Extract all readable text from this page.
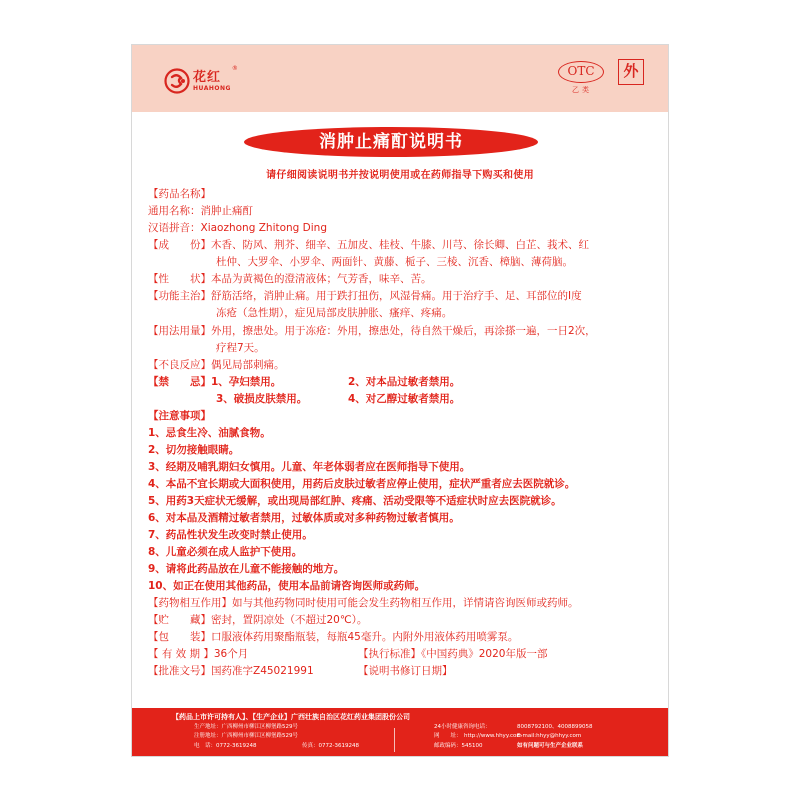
花红
HUAHONG
®	OTC
乙类
外
消肿止痛酊说明书
请仔细阅读说明书并按说明使用或在药师指导下购买和使用
【药品名称】
通用名称：消肿止痛酊
汉语拼音：Xiaozhong Zhitong Ding
【成　　份】木香、防风、荆芥、细辛、五加皮、桂枝、牛膝、川芎、徐长卿、白芷、莪术、红
杜仲、大罗伞、小罗伞、两面针、黄藤、栀子、三棱、沉香、樟脑、薄荷脑。
【性　　状】本品为黄褐色的澄清液体；气芳香，味辛、苦。
【功能主治】舒筋活络，消肿止痛。用于跌打扭伤，风湿骨痛。用于治疗手、足、耳部位的Ⅰ度
冻疮（急性期），症见局部皮肤肿胀、瘙痒、疼痛。
【用法用量】外用，擦患处。用于冻疮：外用，擦患处，待自然干燥后，再涂搽一遍，一日2次，
疗程7天。
【不良反应】偶见局部刺痛。
【禁　　忌】1、孕妇禁用。	2、对本品过敏者禁用。
3、破损皮肤禁用。	4、对乙醇过敏者禁用。
【注意事项】
1、忌食生冷、油腻食物。
2、切勿接触眼睛。
3、经期及哺乳期妇女慎用。儿童、年老体弱者应在医师指导下使用。
4、本品不宜长期或大面积使用，用药后皮肤过敏者应停止使用，症状严重者应去医院就诊。
5、用药3天症状无缓解，或出现局部红肿、疼痛、活动受限等不适症状时应去医院就诊。
6、对本品及酒精过敏者禁用，过敏体质或对多种药物过敏者慎用。
7、药品性状发生改变时禁止使用。
8、儿童必须在成人监护下使用。
9、请将此药品放在儿童不能接触的地方。
10、如正在使用其他药品，使用本品前请咨询医师或药师。
【药物相互作用】如与其他药物同时使用可能会发生药物相互作用，详情请咨询医师或药师。
【贮　　藏】密封，置阴凉处（不超过20℃）。
【包　　装】口服液体药用聚酯瓶装，每瓶45毫升。内附外用液体药用喷雾泵。
【 有 效 期 】36个月	【执行标准】《中国药典》2020年版一部
【批准文号】国药准字Z45021991	【说明书修订日期】
【药品上市许可持有人】、【生产企业】广西壮族自治区花红药业集团股份公司
生产地址：广西柳州市柳江区柳堡路529号
注册地址：广西柳州市柳江区柳堡路529号
电　话：0772-3619248	传真：0772-3619248
24小时健康咨询电话：	8008792100、4008899058
网　　址： http://www.hhyy.com
E-mail:hhyy@hhyy.com
邮政编码：545100	如有问题可与生产企业联系
